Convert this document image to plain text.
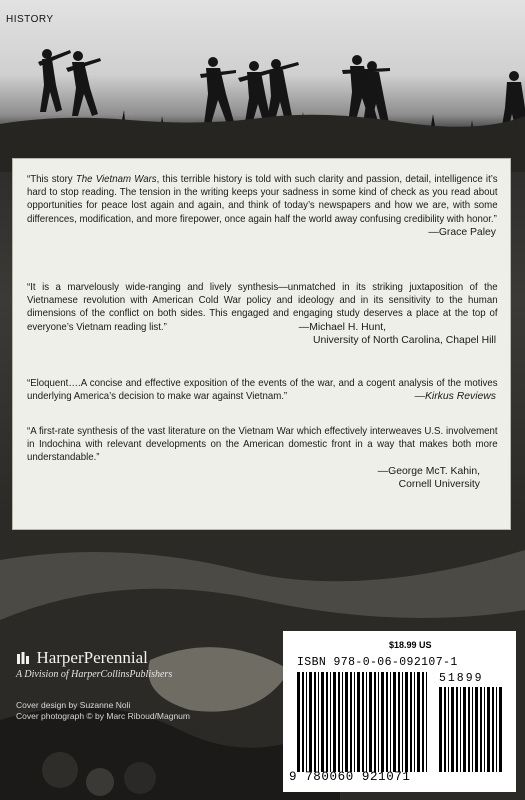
HISTORY

“This story The Vietnam Wars, this terrible history is told with such clarity and passion, detail, intelligence it’s hard to stop reading. The tension in the writing keeps your sadness in some kind of check as you read about opportunities for peace lost again and again, and think of today’s newspapers and how we are, with some differences, modification, and more firepower, once again half the world away confusing credibility with honor.”

—Grace Paley

“It is a marvelously wide-ranging and lively synthesis—unmatched in its striking juxtaposition of the Vietnamese revolution with American Cold War policy and ideology and in its sensitivity to the human dimensions of the conflict on both sides. This engaged and engaging study deserves a place at the top of everyone’s Vietnam reading list.”	—Michael H. Hunt,
University of North Carolina, Chapel Hill

“Eloquent….A concise and effective exposition of the events of the war, and a cogent analysis of the motives underlying America’s decision to make war against Vietnam.”	—Kirkus Reviews

“A first-rate synthesis of the vast literature on the Vietnam War which effectively interweaves U.S. involvement in Indochina with relevant developments on the American domestic front in a way that makes both more understandable.”

—George McT. Kahin,
Cornell University
HarperPerennial
A Division of HarperCollinsPublishers
Cover design by Suzanne Noli
Cover photograph © by Marc Riboud/Magnum
$18.99 US
ISBN 978-0-06-092107-1
51899
9 780060 921071
